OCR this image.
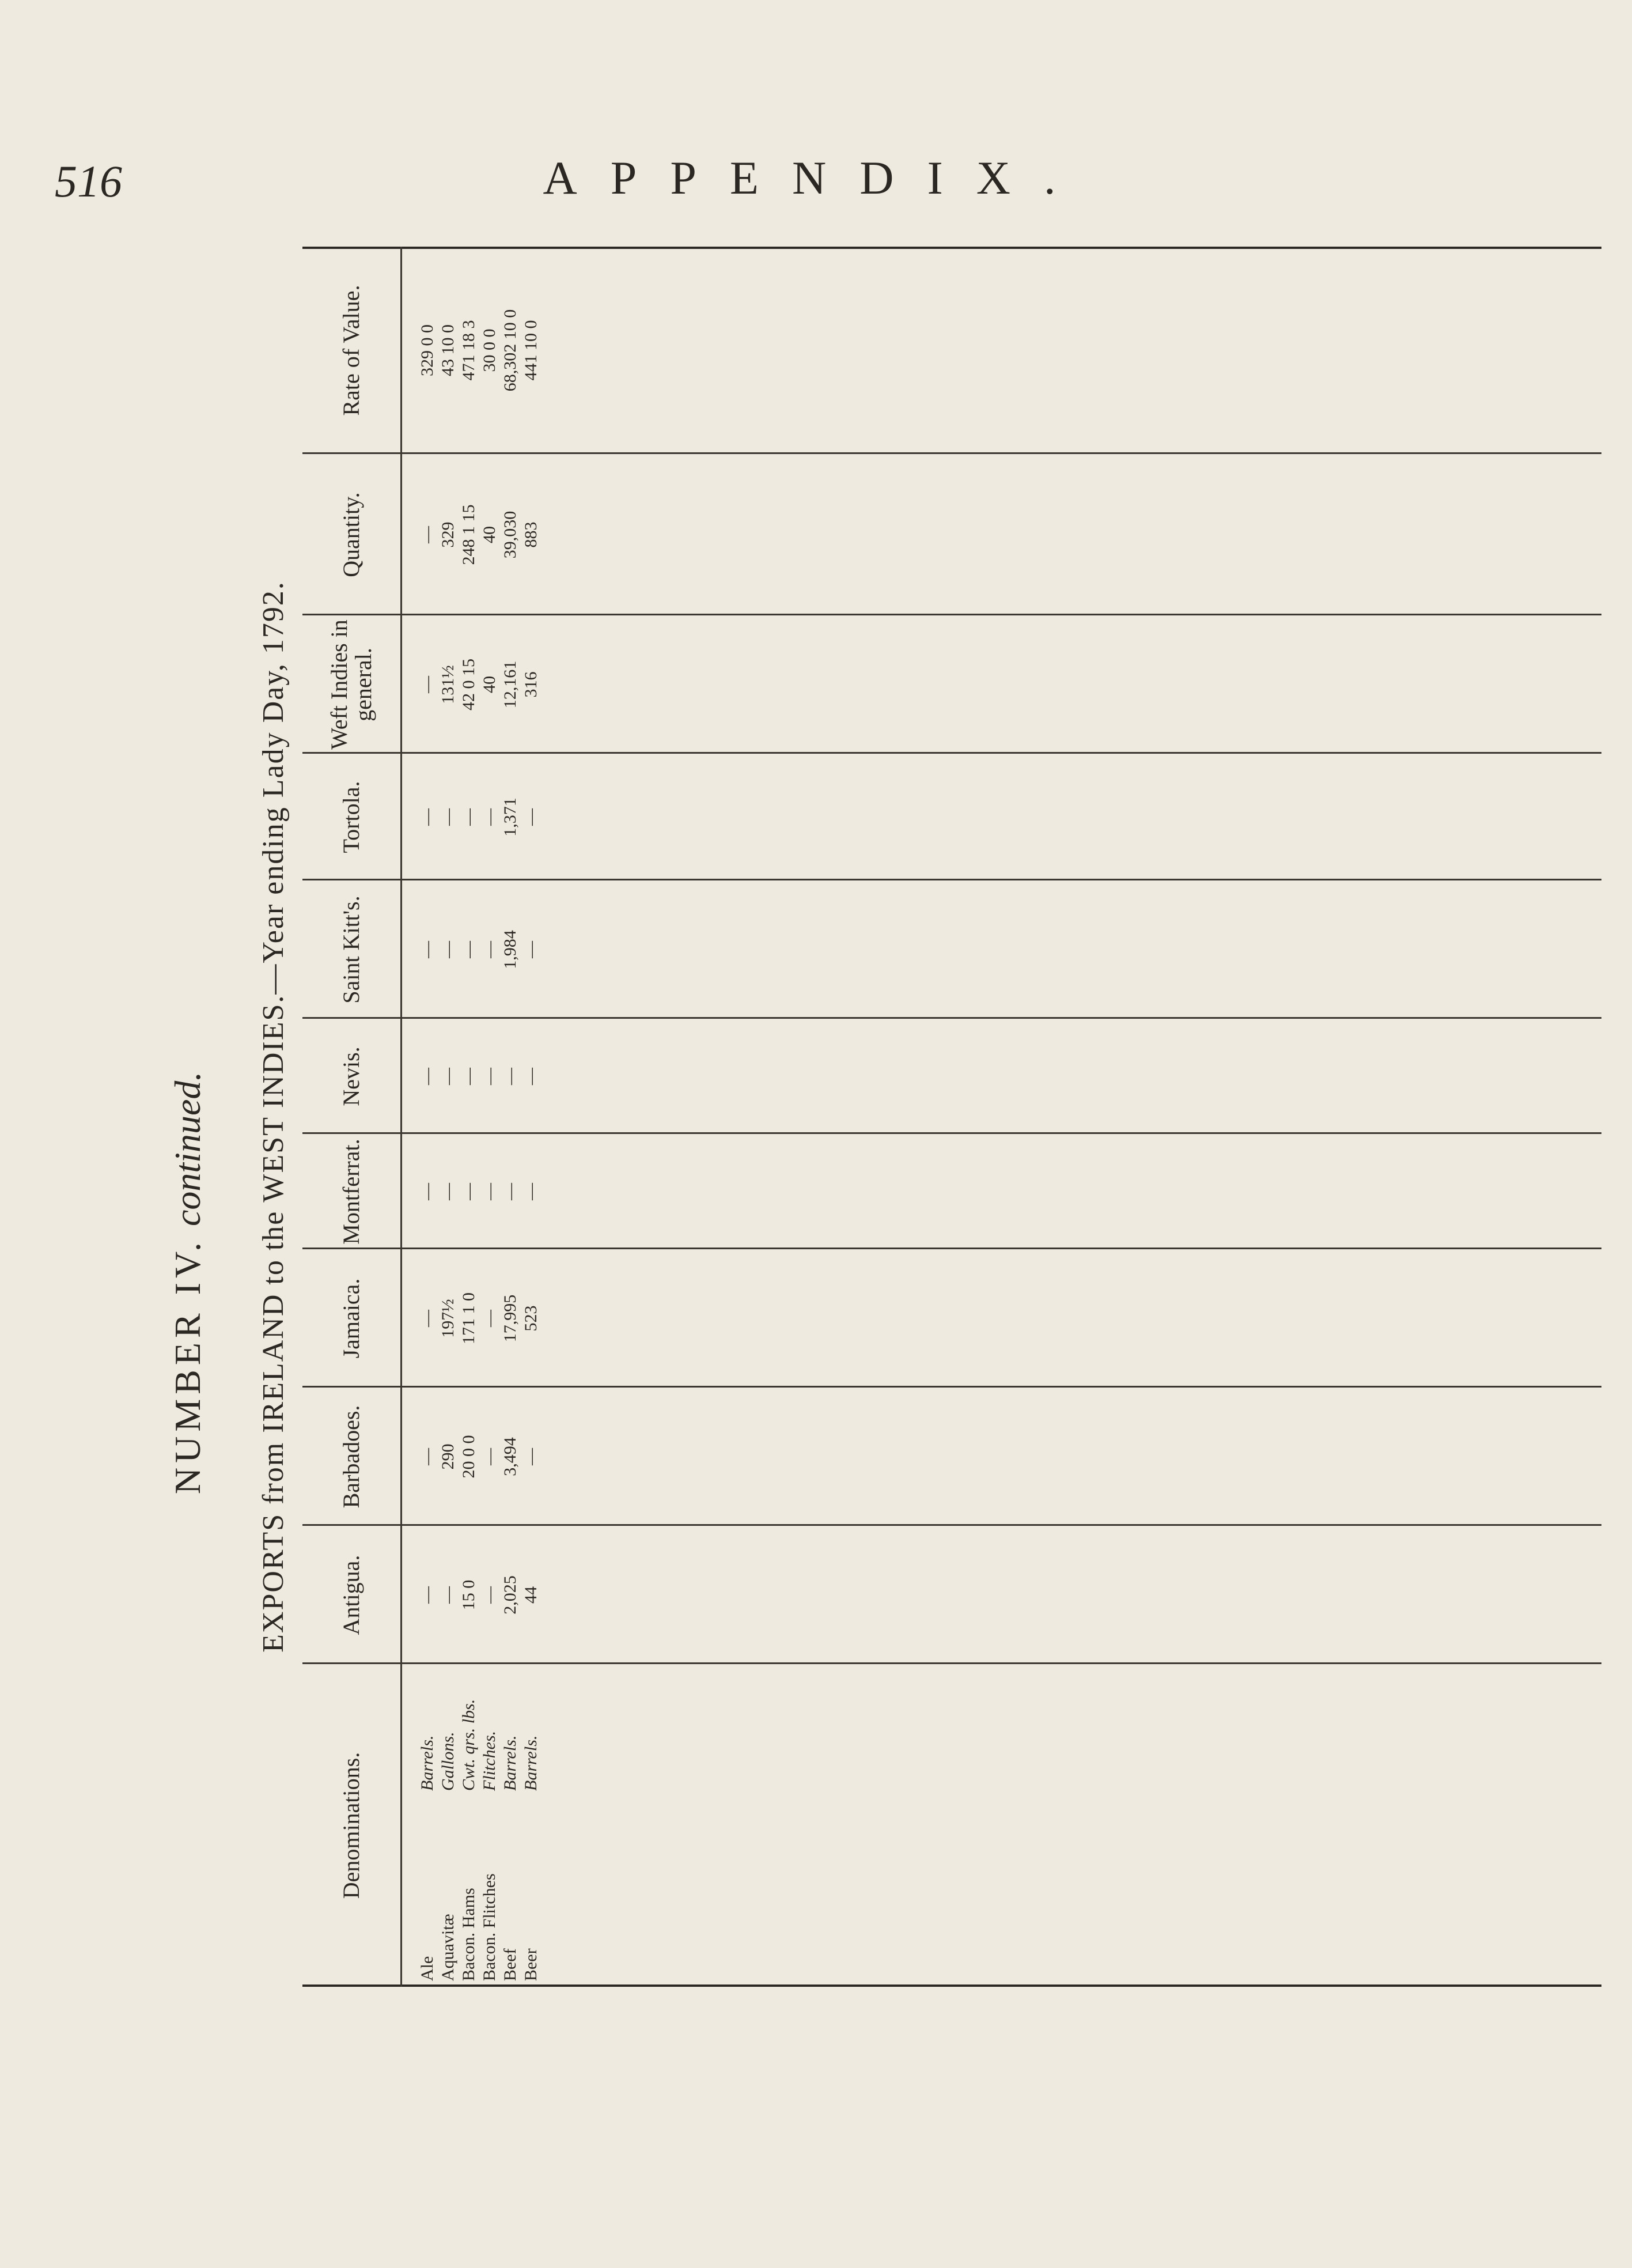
516	APPENDIX.
NUMBER IV.
continued. EXPORTS from IRELAND to the WEST INDIES.—Year ending Lady Day, 1792.
Denominations.
Ale
Barrels.
Aquavitæ
Gallons.
Bacon. Hams
Cwt. qrs. lbs.
Bacon. Flitches
Flitches.
Beef
Barrels.
Beer
Barrels.
Antigua.
Barbadoes.
Jamaica.
Montferrat.
Nevis.
Saint Kitt's.
Tortola.
Weft Indies in general.
Quantity.
Rate of Value.
—
—
—
—
—
—
—
—
—
329 0 0
—
290
197½
—
—
—
—
131½
329
43 10 0
15 0
20 0 0
171 1 0
—
—
—
—
42 0 15
248 1 15
471 18 3
—
—
—
—
—
—
—
40
40
30 0 0
2,025
3,494
17,995
—
—
1,984
1,371
12,161
39,030
68,302 10 0
44
—
523
—
—
—
—
316
883
441 10 0
